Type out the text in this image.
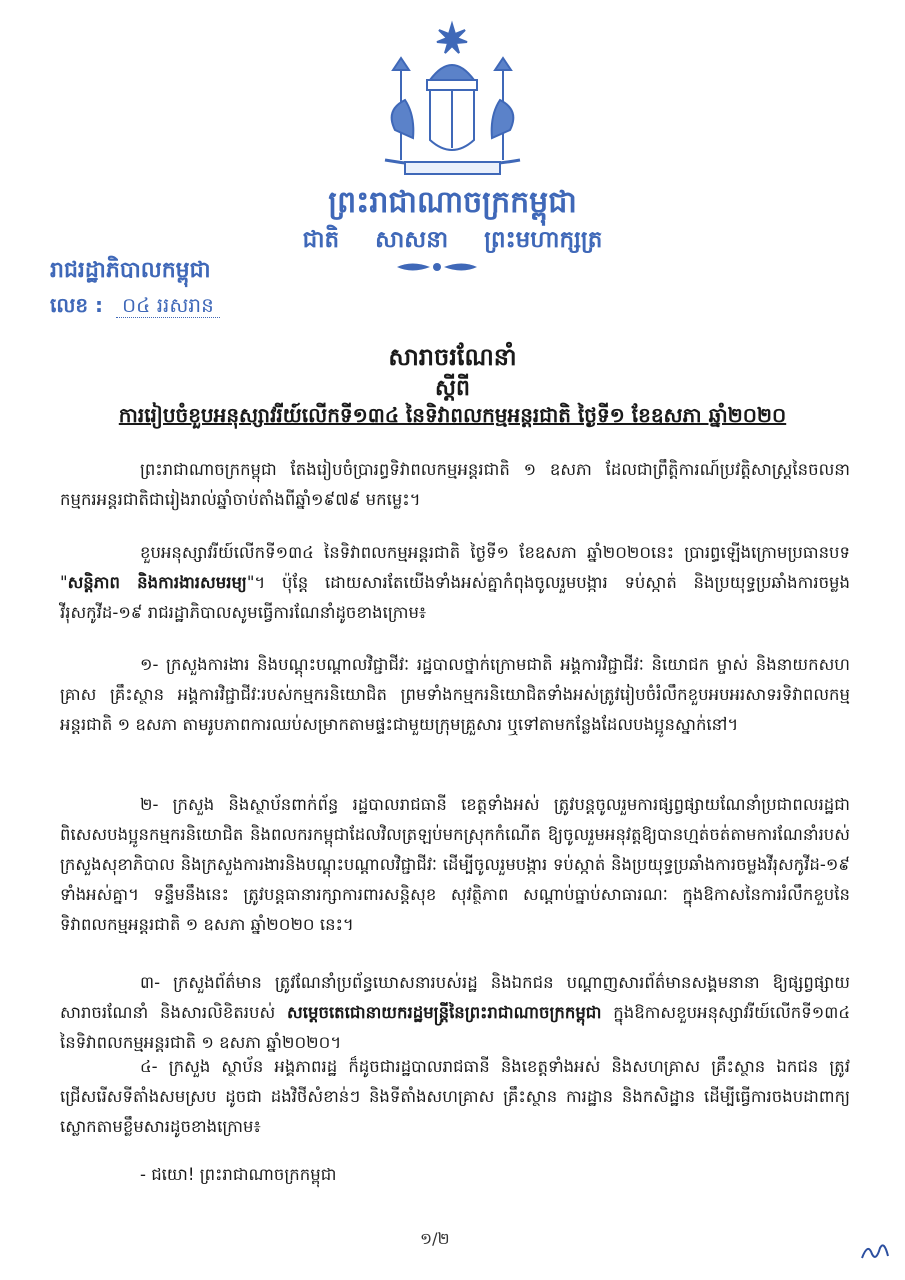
ព្រះរាជាណាចក្រកម្ពុជា
ជាតិ សាសនា ព្រះមហាក្សត្រ
រាជរដ្ឋាភិបាលកម្ពុជា
លេខ : ០៤ ររសរាន
សារាចរណែនាំ
ស្តីពី
ការរៀបចំខួបអនុស្សាវរីយ៍លើកទី១៣៤ នៃទិវាពលកម្មអន្តរជាតិ ថ្ងៃទី១ ខែឧសភា ឆ្នាំ២០២០
ព្រះរាជាណាចក្រកម្ពុជា តែងរៀបចំប្រារព្ធទិវាពលកម្មអន្តរជាតិ ១ ឧសភា ដែលជាព្រឹត្តិការណ៍ប្រវត្តិសាស្ត្រនៃចលនាកម្មករអន្តរជាតិជារៀងរាល់ឆ្នាំចាប់តាំងពីឆ្នាំ១៩៧៩ មកម្លេះ។
ខួបអនុស្សាវរីយ៍លើកទី១៣៤ នៃទិវាពលកម្មអន្តរជាតិ ថ្ងៃទី១ ខែឧសភា ឆ្នាំ២០២០នេះ ប្រារព្ធឡើងក្រោមប្រធានបទ "សន្តិភាព និងការងារសមរម្យ"។ ប៉ុន្តែ ដោយសារតែយើងទាំងអស់គ្នាកំពុងចូលរួមបង្ការ ទប់ស្កាត់ និងប្រយុទ្ធប្រឆាំងការចម្លងវីរុសកូវីដ-១៩ រាជរដ្ឋាភិបាលសូមធ្វើការណែនាំដូចខាងក្រោម៖
១- ក្រសួងការងារ និងបណ្តុះបណ្តាលវិជ្ជាជីវៈ រដ្ឋបាលថ្នាក់ក្រោមជាតិ អង្គការវិជ្ជាជីវៈ និយោជក ម្ចាស់ និងនាយកសហគ្រាស គ្រឹះស្ថាន អង្គការវិជ្ជាជីវៈរបស់កម្មករនិយោជិត ព្រមទាំងកម្មករនិយោជិតទាំងអស់ត្រូវរៀបចំរំលឹកខួបអបអរសាទរទិវាពលកម្មអន្តរជាតិ ១ ឧសភា តាមរូបភាពការឈប់សម្រាកតាមផ្ទះជាមួយក្រុមគ្រួសារ ឬទៅតាមកន្លែងដែលបងប្អូនស្នាក់នៅ។
២- ក្រសួង និងស្ថាប័នពាក់ព័ន្ធ រដ្ឋបាលរាជធានី ខេត្តទាំងអស់ ត្រូវបន្តចូលរួមការផ្សព្វផ្សាយណែនាំប្រជាពលរដ្ឋជាពិសេសបងប្អូនកម្មករនិយោជិត និងពលករកម្ពុជាដែលវិលត្រឡប់មកស្រុកកំណើត ឱ្យចូលរួមអនុវត្តឱ្យបានហ្មត់ចត់តាមការណែនាំរបស់ក្រសួងសុខាភិបាល និងក្រសួងការងារនិងបណ្តុះបណ្តាលវិជ្ជាជីវៈ ដើម្បីចូលរួមបង្ការ ទប់ស្កាត់ និងប្រយុទ្ធប្រឆាំងការចម្លងវីរុសកូវីដ-១៩ ទាំងអស់គ្នា។ ទន្ទឹមនឹងនេះ ត្រូវបន្តធានារក្សាការពារសន្តិសុខ សុវត្ថិភាព សណ្តាប់ធ្នាប់សាធារណៈ ក្នុងឱកាសនៃការរំលឹកខួបនៃទិវាពលកម្មអន្តរជាតិ ១ ឧសភា ឆ្នាំ២០២០ នេះ។
៣- ក្រសួងព័ត៌មាន ត្រូវណែនាំប្រព័ន្ធឃោសនារបស់រដ្ឋ និងឯកជន បណ្តាញសារព័ត៌មានសង្គមនានា ឱ្យផ្សព្វផ្សាយសារាចរណែនាំ និងសារលិខិតរបស់ សម្តេចតេជោនាយករដ្ឋមន្ត្រីនៃព្រះរាជាណាចក្រកម្ពុជា ក្នុងឱកាសខួបអនុស្សាវរីយ៍លើកទី១៣៤ នៃទិវាពលកម្មអន្តរជាតិ ១ ឧសភា ឆ្នាំ២០២០។
៤- ក្រសួង ស្ថាប័ន អង្គភាពរដ្ឋ ក៏ដូចជារដ្ឋបាលរាជធានី និងខេត្តទាំងអស់ និងសហគ្រាស គ្រឹះស្ថាន ឯកជន ត្រូវជ្រើសរើសទីតាំងសមស្រប ដូចជា ដងវិថីសំខាន់ៗ និងទីតាំងសហគ្រាស គ្រឹះស្ថាន ការដ្ឋាន និងកសិដ្ឋាន ដើម្បីធ្វើការចងបដាពាក្យស្លោកតាមខ្លឹមសារដូចខាងក្រោម៖
- ជយោ! ព្រះរាជាណាចក្រកម្ពុជា
១/២
